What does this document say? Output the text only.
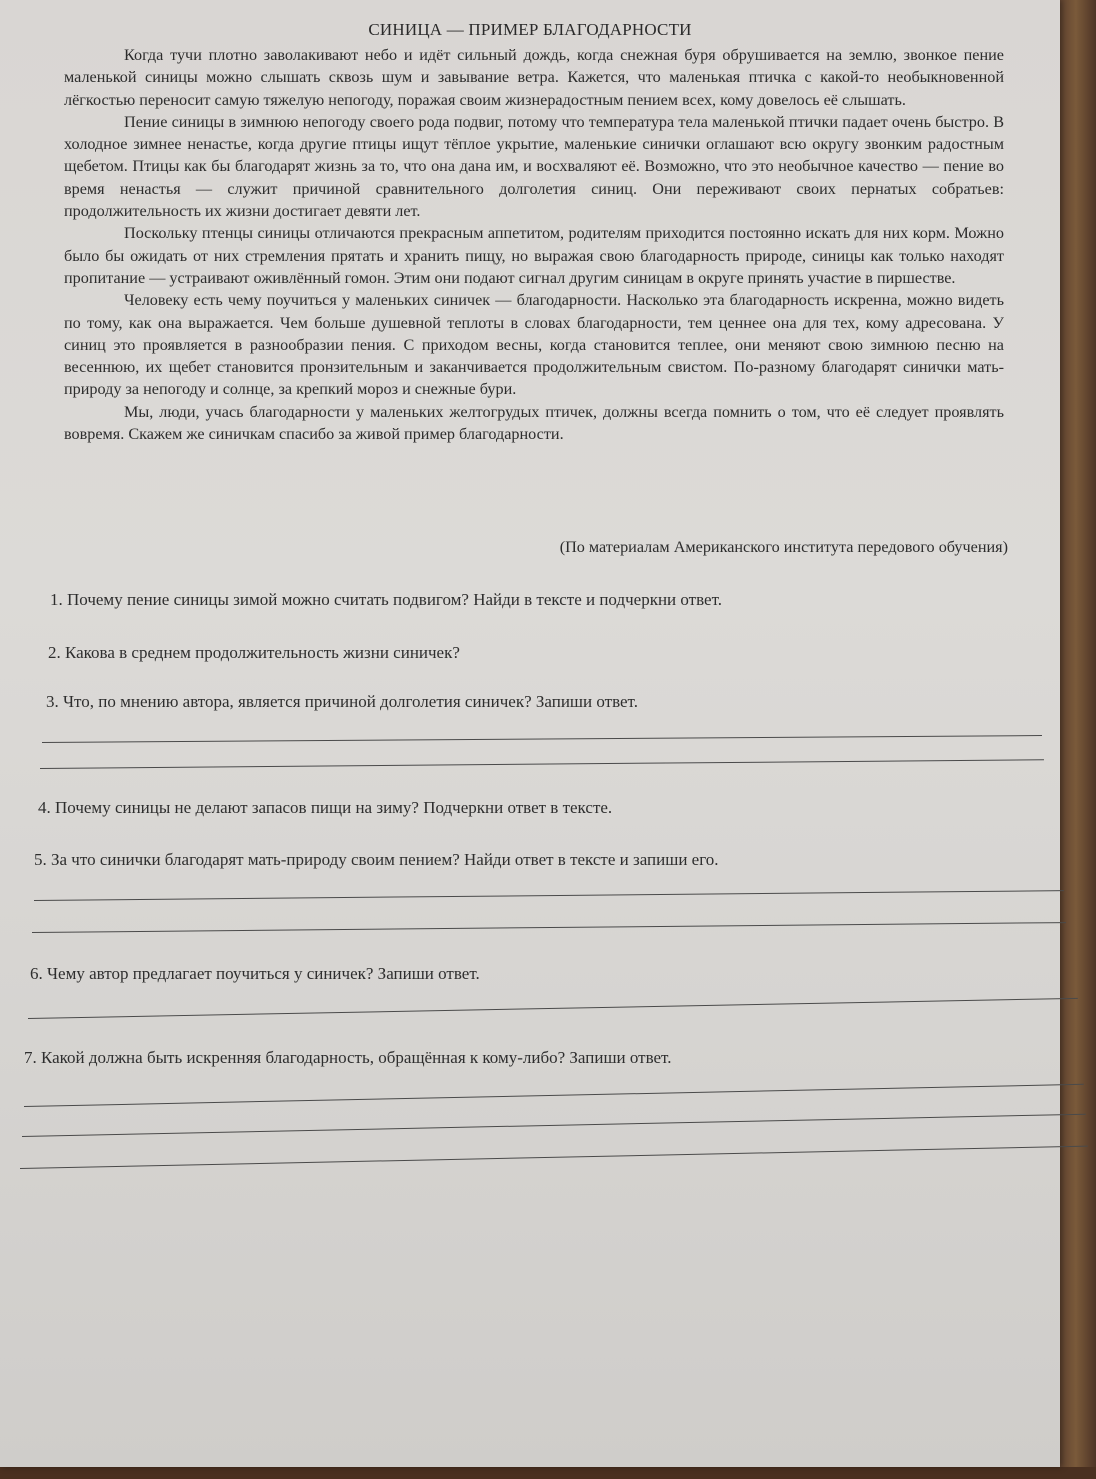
СИНИЦА — ПРИМЕР БЛАГОДАРНОСТИ

Когда тучи плотно заволакивают небо и идёт сильный дождь, когда снежная буря обрушивается на землю, звонкое пение маленькой синицы можно слышать сквозь шум и завывание ветра. Кажется, что маленькая птичка с какой-то необыкновенной лёгкостью переносит самую тяжелую непогоду, поражая своим жизнерадостным пением всех, кому довелось её слышать.

Пение синицы в зимнюю непогоду своего рода подвиг, потому что температура тела маленькой птички падает очень быстро. В холодное зимнее ненастье, когда другие птицы ищут тёплое укрытие, маленькие синички оглашают всю округу звонким радостным щебетом. Птицы как бы благодарят жизнь за то, что она дана им, и восхваляют её. Возможно, что это необычное качество — пение во время ненастья — служит причиной сравнительного долголетия синиц. Они переживают своих пернатых собратьев: продолжительность их жизни достигает девяти лет.

Поскольку птенцы синицы отличаются прекрасным аппетитом, родителям приходится постоянно искать для них корм. Можно было бы ожидать от них стремления прятать и хранить пищу, но выражая свою благодарность природе, синицы как только находят пропитание — устраивают оживлённый гомон. Этим они подают сигнал другим синицам в округе принять участие в пиршестве.

Человеку есть чему поучиться у маленьких синичек — благодарности. Насколько эта благодарность искренна, можно видеть по тому, как она выражается. Чем больше душевной теплоты в словах благодарности, тем ценнее она для тех, кому адресована. У синиц это проявляется в разнообразии пения. С приходом весны, когда становится теплее, они меняют свою зимнюю песню на весеннюю, их щебет становится пронзительным и заканчивается продолжительным свистом. По-разному благодарят синички мать-природу за непогоду и солнце, за крепкий мороз и снежные бури.

Мы, люди, учась благодарности у маленьких желтогрудых птичек, должны всегда помнить о том, что её следует проявлять вовремя. Скажем же синичкам спасибо за живой пример благодарности.

(По материалам Американского института передового обучения)
1. Почему пение синицы зимой можно считать подвигом? Найди в тексте и подчеркни ответ.
2. Какова в среднем продолжительность жизни синичек?
3. Что, по мнению автора, является причиной долголетия синичек? Запиши ответ.
4. Почему синицы не делают запасов пищи на зиму? Подчеркни ответ в тексте.
5. За что синички благодарят мать-природу своим пением? Найди ответ в тексте и запиши его.
6. Чему автор предлагает поучиться у синичек? Запиши ответ.
7. Какой должна быть искренняя благодарность, обращённая к кому-либо? Запиши ответ.
